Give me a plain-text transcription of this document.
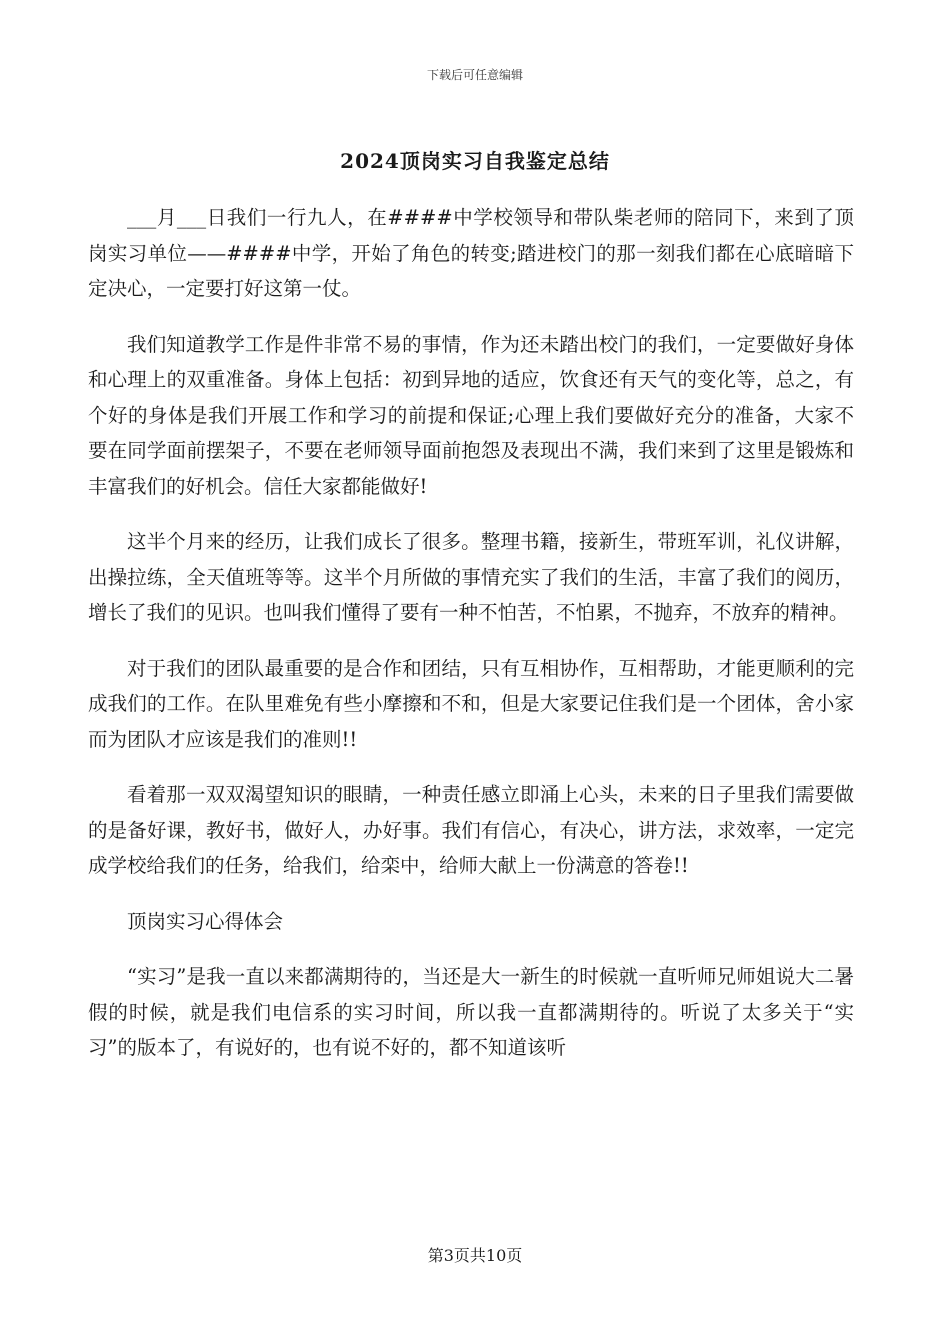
下载后可任意编辑
2024顶岗实习自我鉴定总结

___月___日我们一行九人，在####中学校领导和带队柴老师的陪同下，来到了顶岗实习单位——####中学，开始了角色的转变;踏进校门的那一刻我们都在心底暗暗下定决心，一定要打好这第一仗。

我们知道教学工作是件非常不易的事情，作为还未踏出校门的我们，一定要做好身体和心理上的双重准备。身体上包括：初到异地的适应，饮食还有天气的变化等，总之，有个好的身体是我们开展工作和学习的前提和保证;心理上我们要做好充分的准备，大家不要在同学面前摆架子，不要在老师领导面前抱怨及表现出不满，我们来到了这里是锻炼和丰富我们的好机会。信任大家都能做好!

这半个月来的经历，让我们成长了很多。整理书籍，接新生，带班军训，礼仪讲解，出操拉练，全天值班等等。这半个月所做的事情充实了我们的生活，丰富了我们的阅历，增长了我们的见识。也叫我们懂得了要有一种不怕苦，不怕累，不抛弃，不放弃的精神。

对于我们的团队最重要的是合作和团结，只有互相协作，互相帮助，才能更顺利的完成我们的工作。在队里难免有些小摩擦和不和，但是大家要记住我们是一个团体，舍小家而为团队才应该是我们的准则!!

看着那一双双渴望知识的眼睛，一种责任感立即涌上心头，未来的日子里我们需要做的是备好课，教好书，做好人，办好事。我们有信心，有决心，讲方法，求效率，一定完成学校给我们的任务，给我们，给栾中，给师大献上一份满意的答卷!!

顶岗实习心得体会

“实习”是我一直以来都满期待的，当还是大一新生的时候就一直听师兄师姐说大二暑假的时候，就是我们电信系的实习时间，所以我一直都满期待的。听说了太多关于“实习”的版本了，有说好的，也有说不好的，都不知道该听

第3页共10页
